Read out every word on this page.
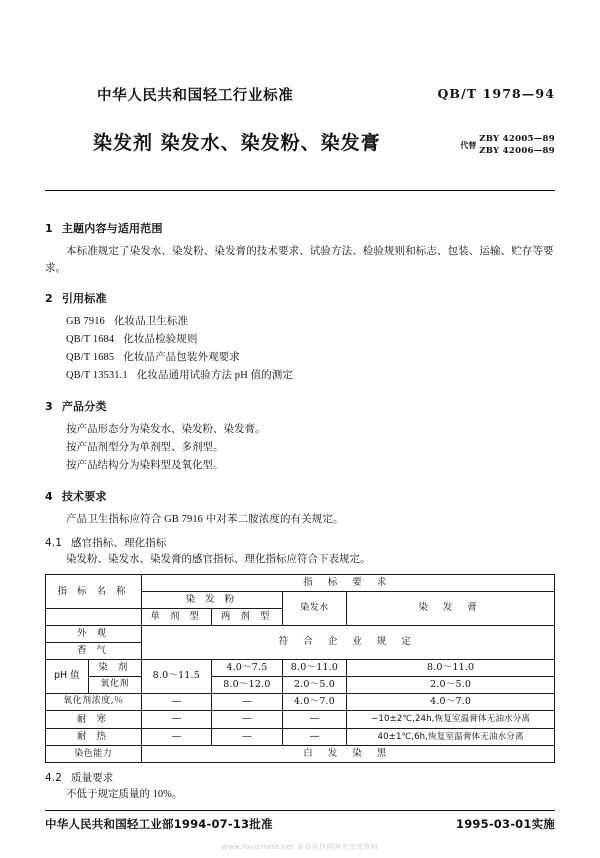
中华人民共和国轻工行业标准	QB/T 1978—94
染发剂 染发水、染发粉、染发膏	代替
ZBY 42005—89
ZBY 42006—89
1 主题内容与适用范围

本标准规定了染发水、染发粉、染发膏的技术要求、试验方法、检验规则和标志、包装、运输、贮存等要求。

2 引用标准
GB 7916 化妆品卫生标准
QB/T 1684 化妆品检验规则
QB/T 1685 化妆品产品包装外观要求
QB/T 13531.1 化妆品通用试验方法 pH 值的测定
3 产品分类
按产品形态分为染发水、染发粉、染发膏。
按产品剂型分为单剂型、多剂型。
按产品结构分为染料型及氧化型。
4 技术要求

产品卫生指标应符合 GB 7916 中对苯二胺浓度的有关规定。

4.1 感官指标、理化指标
染发粉、染发水、染发膏的感官指标、理化指标应符合下表规定。
指 标 名 称		指 标 要 求			
		染 发 粉		染发水	染 发 膏
		单 剂 型	两 剂 型		
外 观		符 合 企 业 规 定			
香 气					
pH 值	染 剂	8.0～11.5	4.0～7.5	8.0～11.0	8.0～11.0
	氧化剂		8.0～12.0	2.0～5.0	2.0～5.0
氧化剂浓度,％		—	—	4.0～7.0	4.0～7.0
耐 寒		—	—	—	−10±2℃,24h,恢复室温膏体无油水分离
耐 热		—	—	—	40±1℃,6h,恢复室温膏体无油水分离
染色能力		白 发 染 黑			
4.2 质量要求
不低于规定质量的 10%。
中华人民共和国轻工业部1994-07-13批准	1995-03-01实施
www.foodmate.net 食品伙伴网网友交流资料
